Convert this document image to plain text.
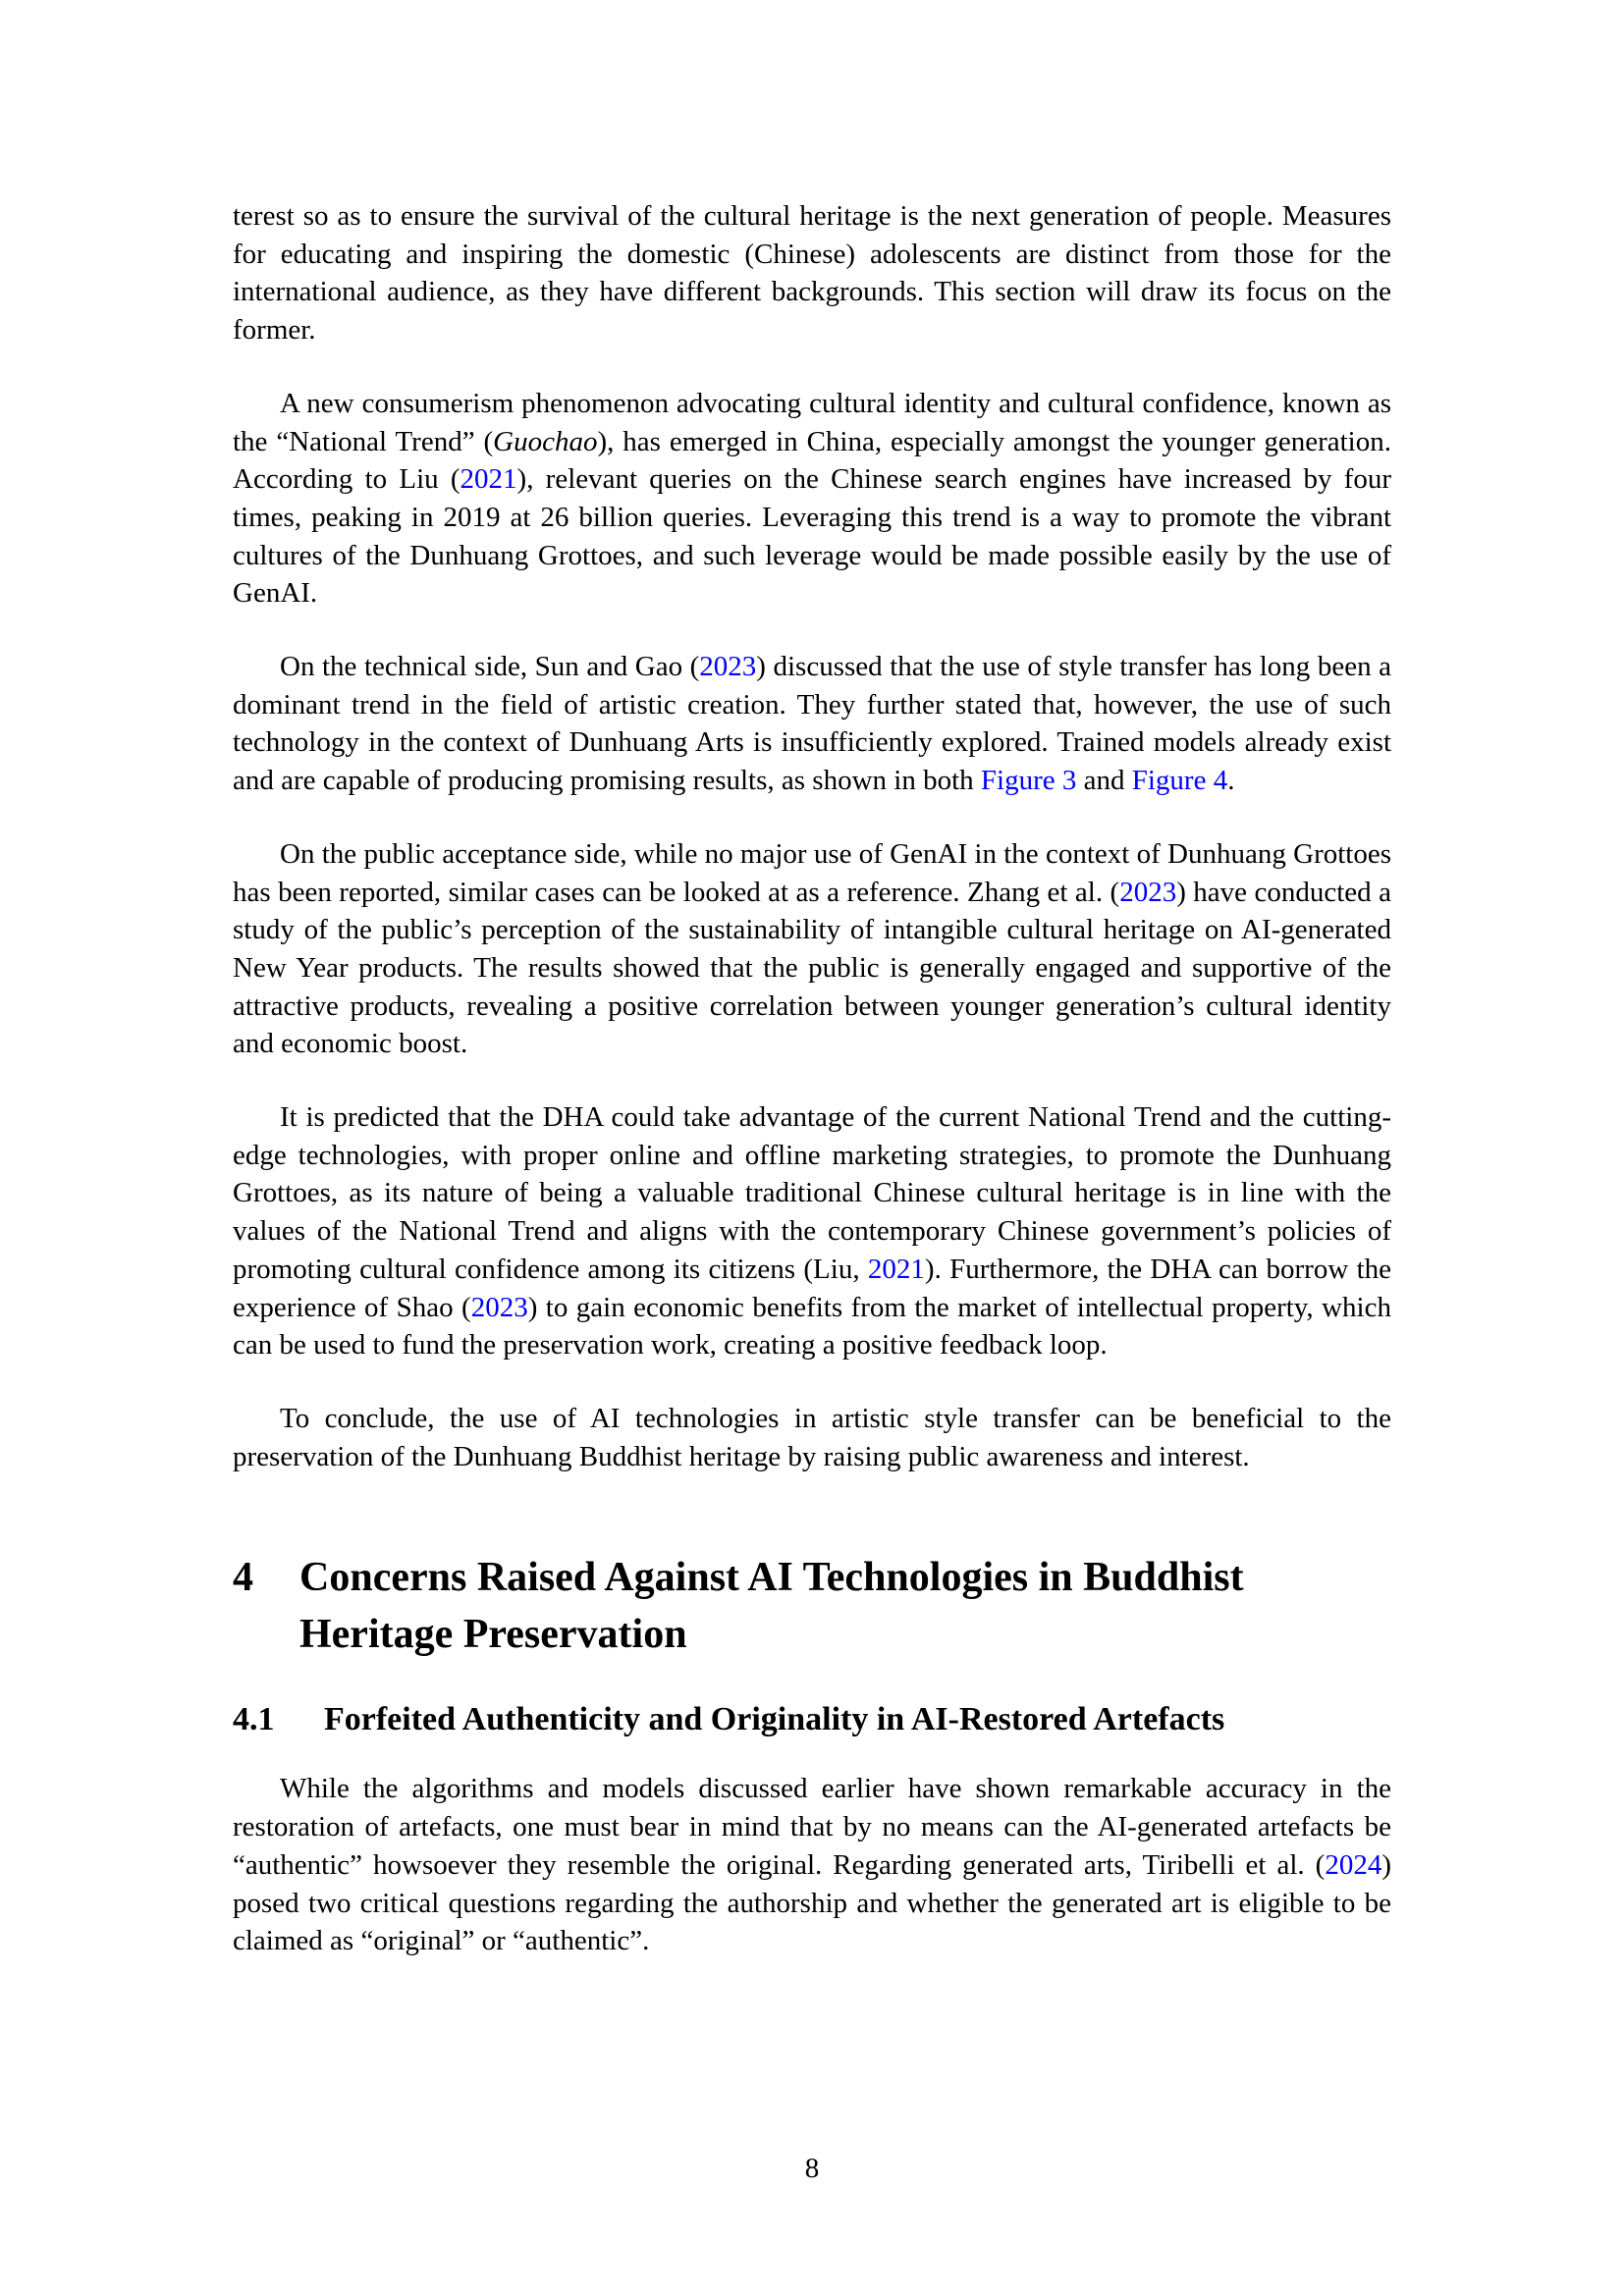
terest so as to ensure the survival of the cultural heritage is the next generation of people. Measures for educating and inspiring the domestic (Chinese) adolescents are distinct from those for the international audience, as they have different backgrounds. This section will draw its focus on the former.

A new consumerism phenomenon advocating cultural identity and cultural confidence, known as the “National Trend” (Guochao), has emerged in China, especially amongst the younger generation. According to Liu (2021), relevant queries on the Chinese search engines have increased by four times, peaking in 2019 at 26 billion queries. Leveraging this trend is a way to promote the vibrant cultures of the Dunhuang Grottoes, and such leverage would be made possible easily by the use of GenAI.

On the technical side, Sun and Gao (2023) discussed that the use of style transfer has long been a dominant trend in the field of artistic creation. They further stated that, however, the use of such technology in the context of Dunhuang Arts is insufficiently explored. Trained models already exist and are capable of producing promising results, as shown in both Figure 3 and Figure 4.

On the public acceptance side, while no major use of GenAI in the context of Dunhuang Grottoes has been reported, similar cases can be looked at as a reference. Zhang et al. (2023) have conducted a study of the public’s perception of the sustainability of intangible cultural heritage on AI-generated New Year products. The results showed that the public is generally engaged and supportive of the attractive products, revealing a positive correlation between younger generation’s cultural identity and economic boost.

It is predicted that the DHA could take advantage of the current National Trend and the cutting-edge technologies, with proper online and offline marketing strategies, to promote the Dunhuang Grottoes, as its nature of being a valuable traditional Chinese cultural heritage is in line with the values of the National Trend and aligns with the contemporary Chinese government’s policies of promoting cultural confidence among its citizens (Liu, 2021). Furthermore, the DHA can borrow the experience of Shao (2023) to gain economic benefits from the market of intellectual property, which can be used to fund the preservation work, creating a positive feedback loop.

To conclude, the use of AI technologies in artistic style transfer can be beneficial to the preservation of the Dunhuang Buddhist heritage by raising public awareness and interest.

4	Concerns Raised Against AI Technologies in Buddhist Heritage Preservation
4.1	Forfeited Authenticity and Originality in AI-Restored Artefacts

While the algorithms and models discussed earlier have shown remarkable accuracy in the restoration of artefacts, one must bear in mind that by no means can the AI-generated artefacts be “authentic” howsoever they resemble the original. Regarding generated arts, Tiribelli et al. (2024) posed two critical questions regarding the authorship and whether the generated art is eligible to be claimed as “original” or “authentic”.

8
